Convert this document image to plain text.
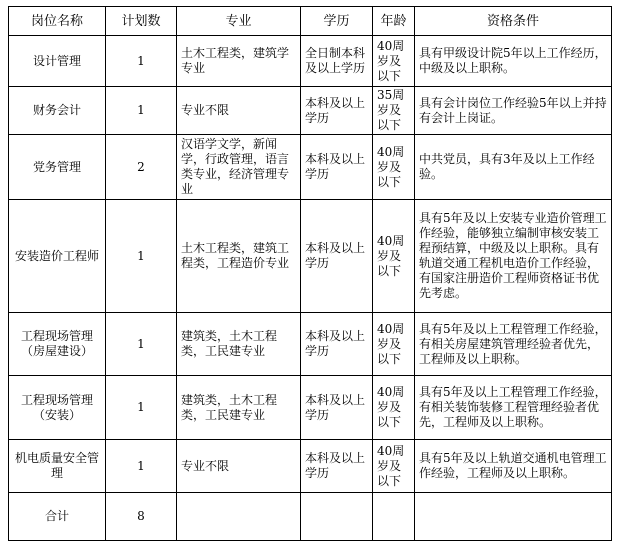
岗位名称	计划数	专业	学历	年龄	资格条件
设计管理	1	土木工程类，建筑学专业	全日制本科及以上学历	40周岁及以下	具有甲级设计院5年以上工作经历，中级及以上职称。
财务会计	1	专业不限	本科及以上学历	35周岁及以下	具有会计岗位工作经验5年以上并持有会计上岗证。
党务管理	2	汉语学文学，新闻学，行政管理，语言类专业，经济管理专业	本科及以上学历	40周岁及以下	中共党员，具有3年及以上工作经验。
安装造价工程师	1	土木工程类，建筑工程类，工程造价专业	本科及以上学历	40周岁及以下	具有5年及以上安装专业造价管理工作经验，能够独立编制审核安装工程预结算，中级及以上职称。具有轨道交通工程机电造价工作经验，有国家注册造价工程师资格证书优先考虑。
工程现场管理（房屋建设）	1	建筑类，土木工程类，工民建专业	本科及以上学历	40周岁及以下	具有5年及以上工程管理工作经验，有相关房屋建筑管理经验者优先，工程师及以上职称。
工程现场管理（安装）	1	建筑类，土木工程类，工民建专业	本科及以上学历	40周岁及以下	具有5年及以上工程管理工作经验，有相关装饰装修工程管理经验者优先，工程师及以上职称。
机电质量安全管理	1	专业不限	本科及以上学历	40周岁及以下	具有5年及以上轨道交通机电管理工作经验，工程师及以上职称。
合计	8				
